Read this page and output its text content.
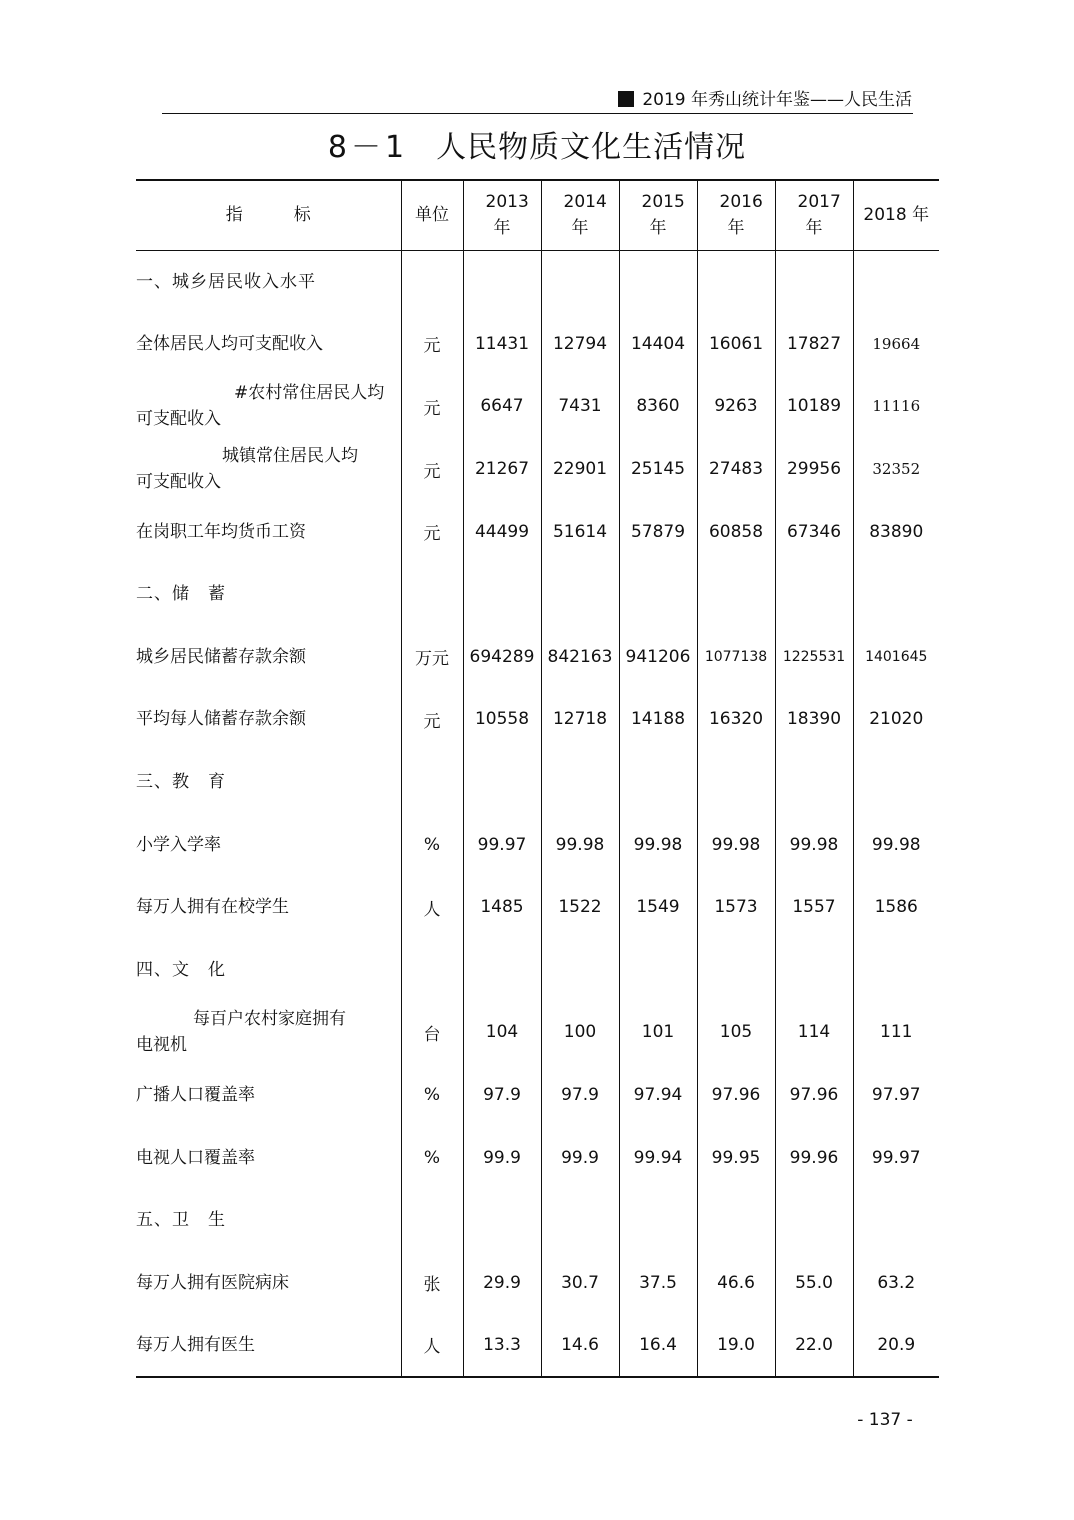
2019 年秀山统计年鉴——人民生活
8－1 人民物质文化生活情况
指　　　标	单位	2013 年	2014 年	2015 年	2016 年	2017 年	2018 年
一、城乡居民收入水平							
全体居民人均可支配收入	元	11431	12794	14404	16061	17827	19664

#农村常住居民人均
可支配收入	元	6647	7431	8360	9263	10189	11116

城镇常住居民人均
可支配收入	元	21267	22901	25145	27483	29956	32352
在岗职工年均货币工资	元	44499	51614	57879	60858	67346	83890
二、储　蓄							
城乡居民储蓄存款余额	万元	694289	842163	941206	1077138	1225531	1401645
平均每人储蓄存款余额	元	10558	12718	14188	16320	18390	21020
三、教　育							
小学入学率	%	99.97	99.98	99.98	99.98	99.98	99.98
每万人拥有在校学生	人	1485	1522	1549	1573	1557	1586
四、文　化							

每百户农村家庭拥有
电视机	台	104	100	101	105	114	111
广播人口覆盖率	%	97.9	97.9	97.94	97.96	97.96	97.97
电视人口覆盖率	%	99.9	99.9	99.94	99.95	99.96	99.97
五、卫　生							
每万人拥有医院病床	张	29.9	30.7	37.5	46.6	55.0	63.2
每万人拥有医生	人	13.3	14.6	16.4	19.0	22.0	20.9
- 137 -
